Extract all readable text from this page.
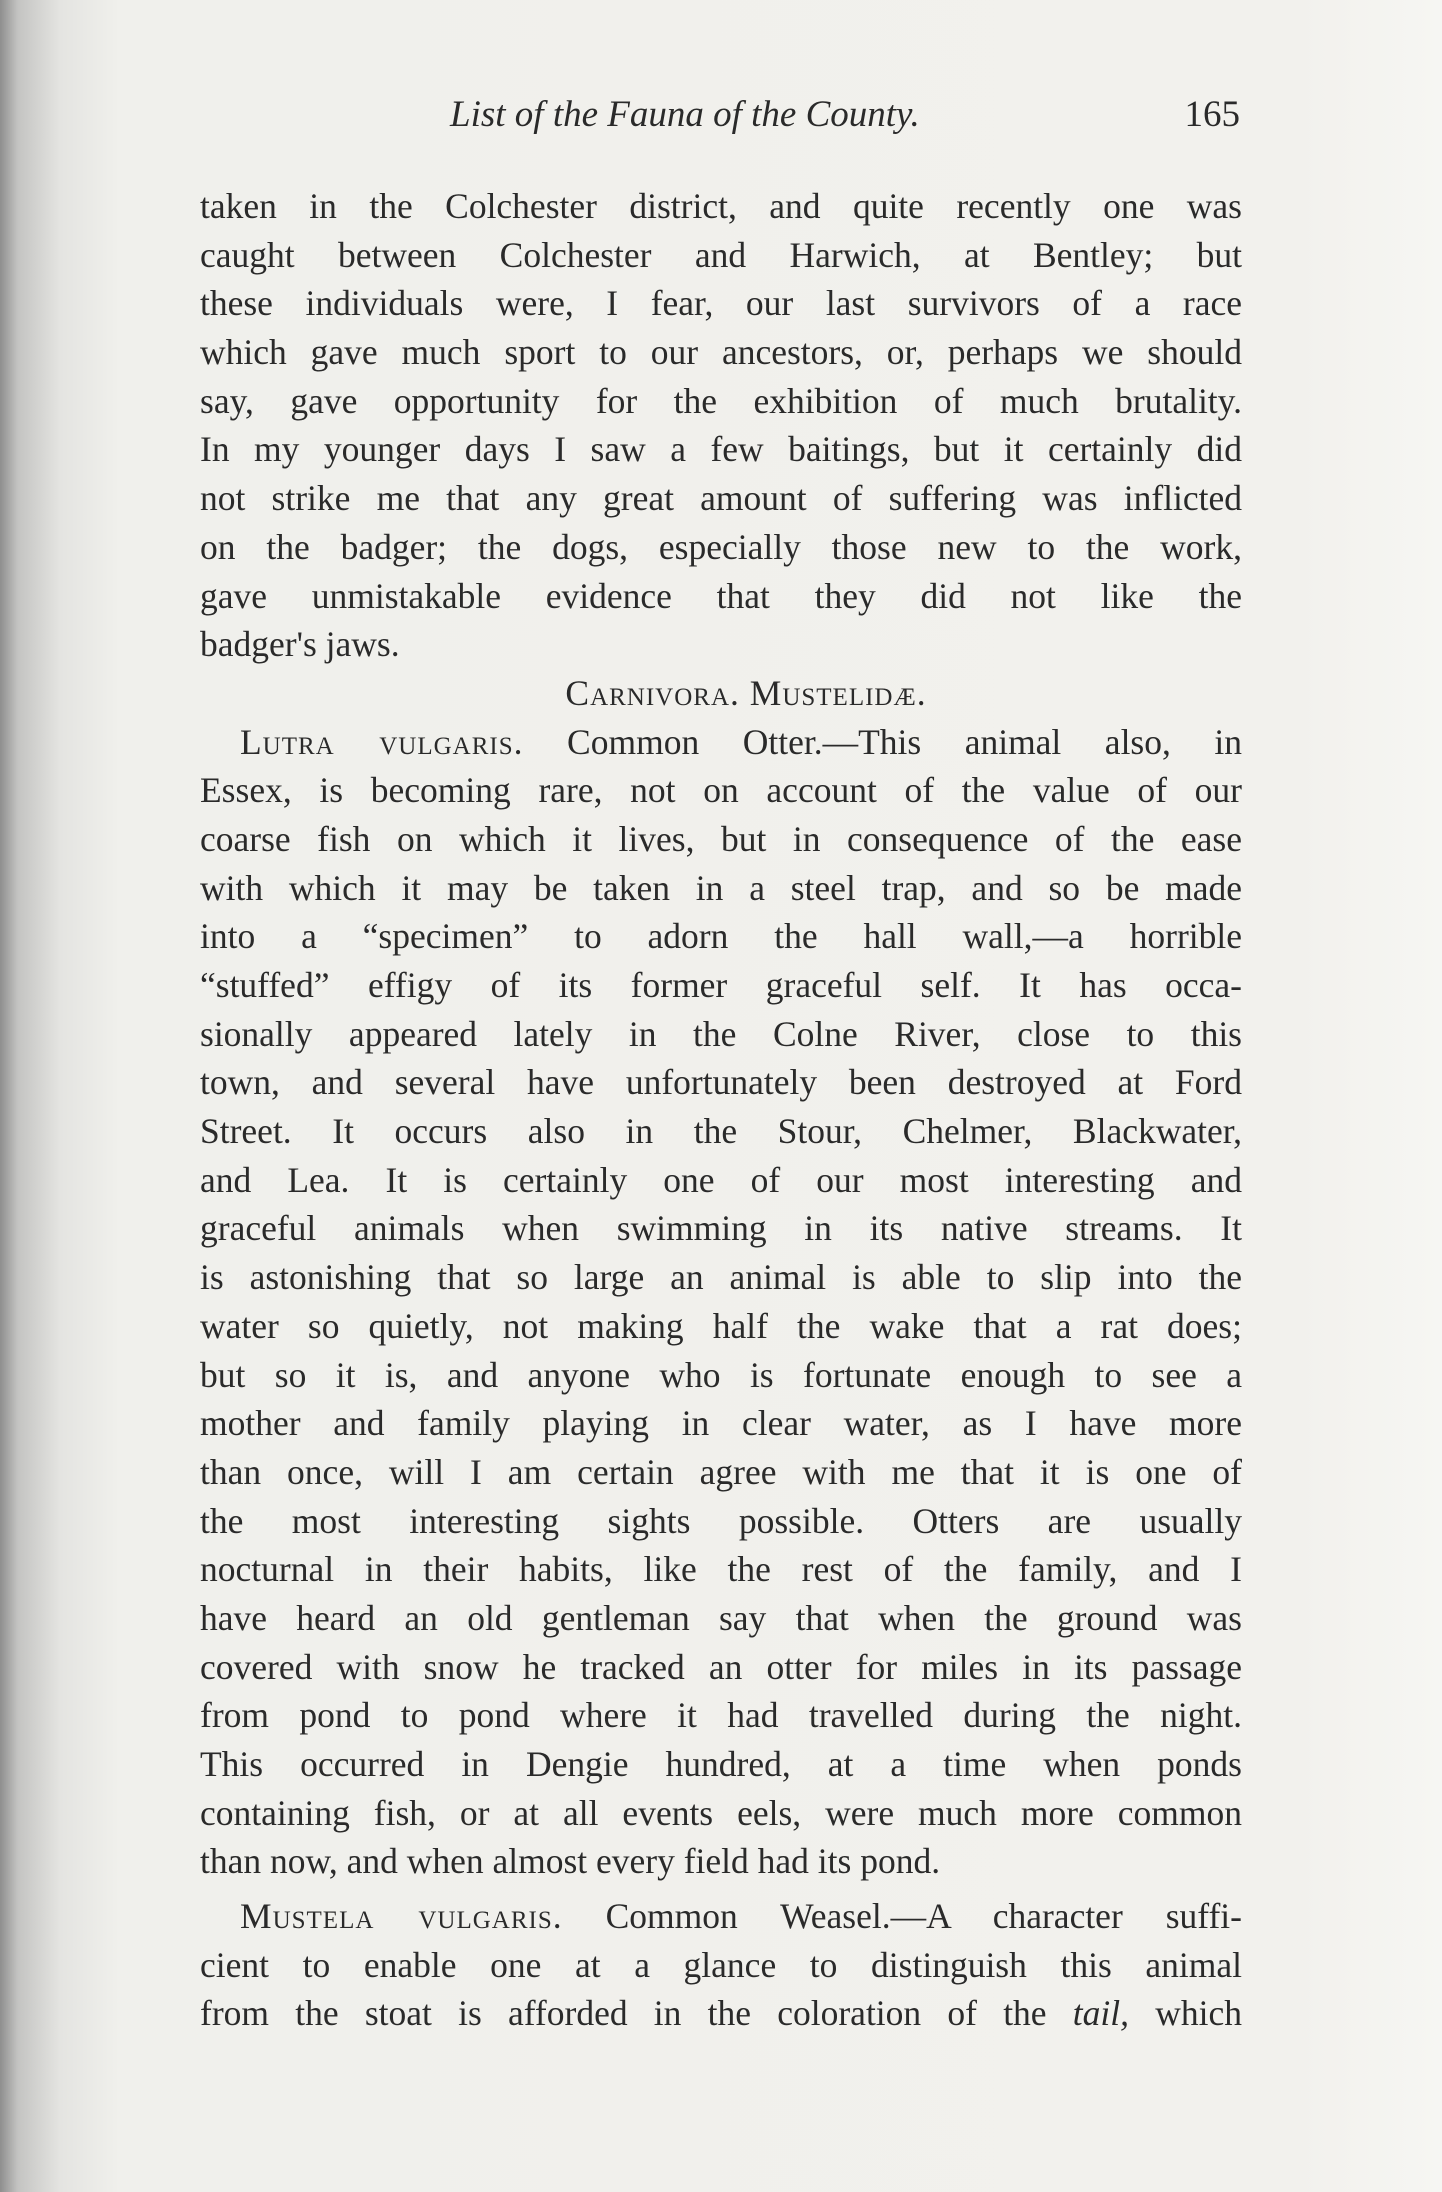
List of the Fauna of the County.	165
taken in the Colchester district, and quite recently one was
caught between Colchester and Harwich, at Bentley; but
these individuals were, I fear, our last survivors of a race
which gave much sport to our ancestors, or, perhaps we should
say, gave opportunity for the exhibition of much brutality.
In my younger days I saw a few baitings, but it certainly did
not strike me that any great amount of suffering was inflicted
on the badger; the dogs, especially those new to the work,
gave unmistakable evidence that they did not like the
badger's jaws.
Carnivora. Mustelidæ.
Lutra vulgaris. Common Otter.—This animal also, in
Essex, is becoming rare, not on account of the value of our
coarse fish on which it lives, but in consequence of the ease
with which it may be taken in a steel trap, and so be made
into a “specimen” to adorn the hall wall,—a horrible
“stuffed” effigy of its former graceful self. It has occa-
sionally appeared lately in the Colne River, close to this
town, and several have unfortunately been destroyed at Ford
Street. It occurs also in the Stour, Chelmer, Blackwater,
and Lea. It is certainly one of our most interesting and
graceful animals when swimming in its native streams. It
is astonishing that so large an animal is able to slip into the
water so quietly, not making half the wake that a rat does;
but so it is, and anyone who is fortunate enough to see a
mother and family playing in clear water, as I have more
than once, will I am certain agree with me that it is one of
the most interesting sights possible. Otters are usually
nocturnal in their habits, like the rest of the family, and I
have heard an old gentleman say that when the ground was
covered with snow he tracked an otter for miles in its passage
from pond to pond where it had travelled during the night.
This occurred in Dengie hundred, at a time when ponds
containing fish, or at all events eels, were much more common
than now, and when almost every field had its pond.
Mustela vulgaris. Common Weasel.—A character suffi-
cient to enable one at a glance to distinguish this animal
from the stoat is afforded in the coloration of the tail, which
